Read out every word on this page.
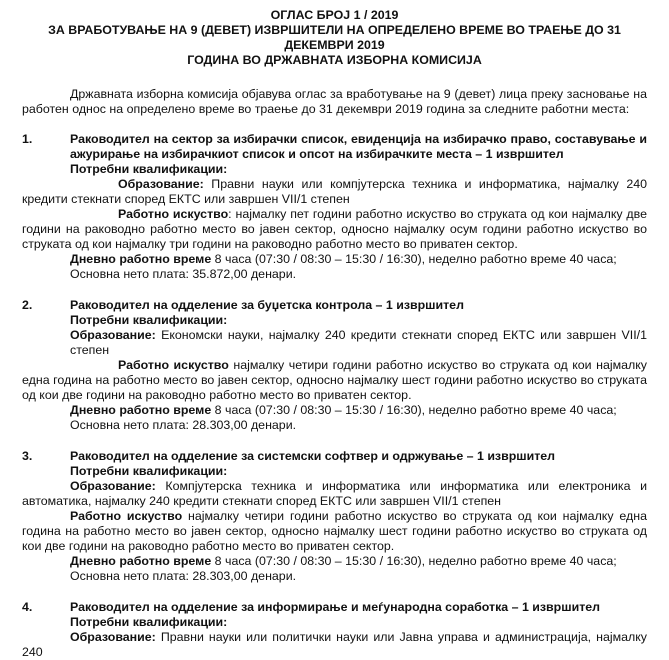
ОГЛАС БРОЈ 1 / 2019

ЗА ВРАБОТУВАЊЕ НА 9 (ДЕВЕТ) ИЗВРШИТЕЛИ НА ОПРЕДЕЛЕНО ВРЕМЕ ВО ТРАЕЊЕ ДО 31 ДЕКЕМВРИ 2019

ГОДИНА ВО ДРЖАВНАТА ИЗБОРНА КОМИСИЈА

Државната изборна комисија објавува оглас за вработување на 9 (девет) лица преку засновање на работен однос на определено време во траење до 31 декември 2019 година за следните работни места:

1.	Раководител на сектор за избирачки список, евиденција на избирачко право, составување и ажурирање на избирачкиот список и опсот на избирачките места – 1 извршител

Потребни квалификации:

Образование: Правни науки или компјутерска техника и информатика, најмалку 240 кредити стекнати според ЕКТС или завршен VII/1 степен

Работно искуство: најмалку пет години работно искуство во струката од кои најмалку две години на раководно работно место во јавен сектор, односно најмалку осум години работно искуство во струката од кои најмалку три години на раководно работно место во приватен сектор.

Дневно работно време 8 часа (07:30 / 08:30 – 15:30 / 16:30), неделно работно време 40 часа;

Основна нето плата: 35.872,00 денари.

2.	Раководител на одделение за буџетска контрола – 1 извршител

Потребни квалификации:

Образование: Економски науки, најмалку 240 кредити стекнати според ЕКТС или завршен VII/1 степен

Работно искуство најмалку четири години работно искуство во струката од кои најмалку една година на работно место во јавен сектор, односно најмалку шест години работно искуство во струката од кои две години на раководно работно место во приватен сектор.

Дневно работно време 8 часа (07:30 / 08:30 – 15:30 / 16:30), неделно работно време 40 часа;

Основна нето плата: 28.303,00 денари.

3.	Раководител на одделение за системски софтвер и одржување – 1 извршител

Потребни квалификации:

Образование: Компјутерска техника и информатика или информатика или електроника и автоматика, најмалку 240 кредити стекнати според ЕКТС или завршен VII/1 степен

Работно искуство најмалку четири години работно искуство во струката од кои најмалку една година на работно место во јавен сектор, односно најмалку шест години работно искуство во струката од кои две години на раководно работно место во приватен сектор.

Дневно работно време 8 часа (07:30 / 08:30 – 15:30 / 16:30), неделно работно време 40 часа;

Основна нето плата: 28.303,00 денари.

4.	Раководител на одделение за информирање и меѓународна соработка – 1 извршител

Потребни квалификации:

Образование: Правни науки или политички науки или Јавна управа и администрација, најмалку 240
